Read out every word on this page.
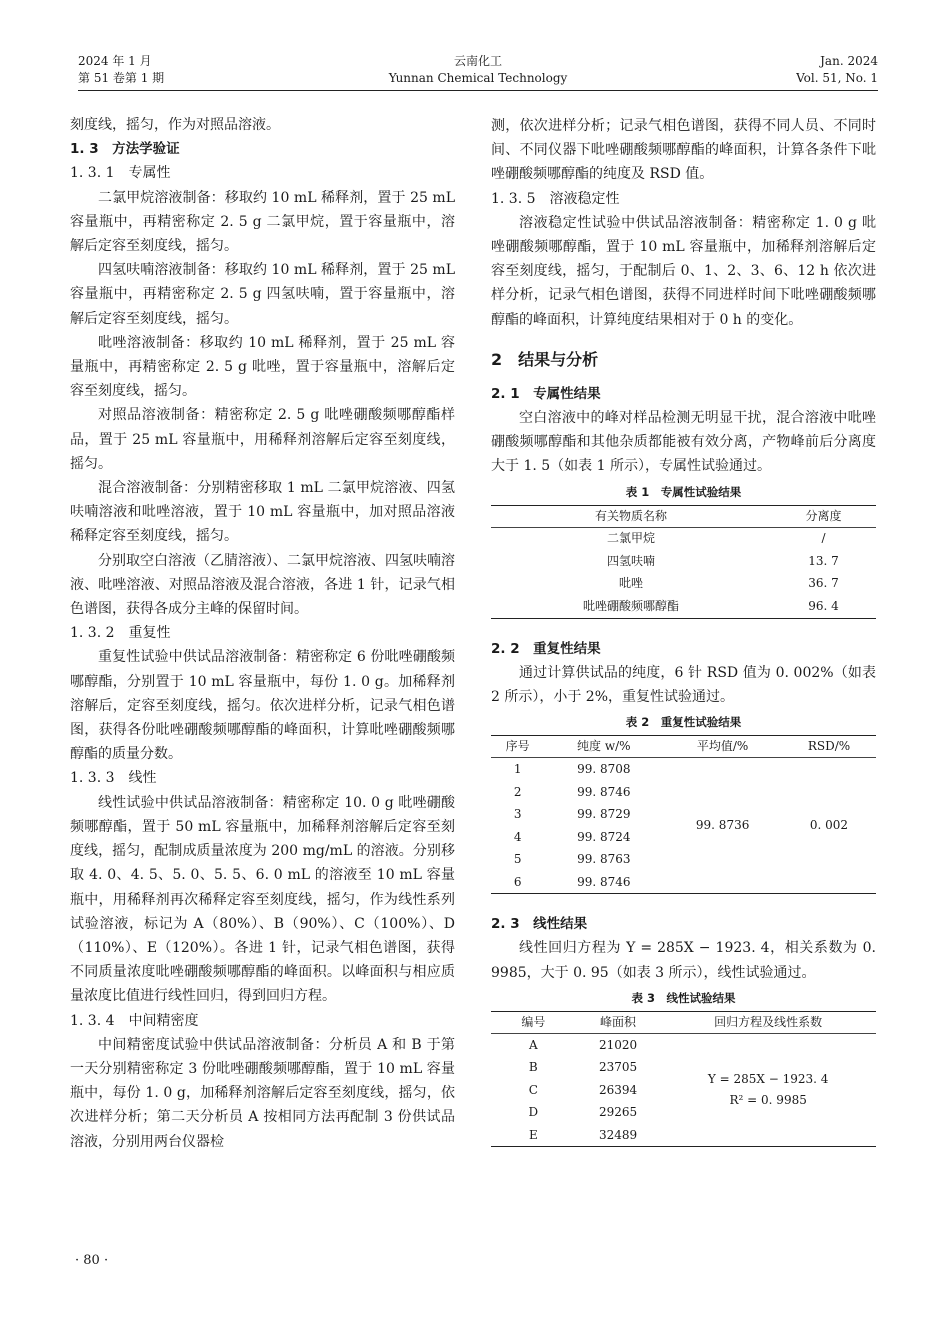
2024 年 1 月
第 51 卷第 1 期
云南化工
Yunnan Chemical Technology
Jan. 2024
Vol. 51, No. 1

刻度线，摇匀，作为对照品溶液。

1. 3　方法学验证

1. 3. 1　专属性

二氯甲烷溶液制备：移取约 10 mL 稀释剂，置于 25 mL 容量瓶中，再精密称定 2. 5 g 二氯甲烷，置于容量瓶中，溶解后定容至刻度线，摇匀。

四氢呋喃溶液制备：移取约 10 mL 稀释剂，置于 25 mL 容量瓶中，再精密称定 2. 5 g 四氢呋喃，置于容量瓶中，溶解后定容至刻度线，摇匀。

吡唑溶液制备：移取约 10 mL 稀释剂，置于 25 mL 容量瓶中，再精密称定 2. 5 g 吡唑，置于容量瓶中，溶解后定容至刻度线，摇匀。

对照品溶液制备：精密称定 2. 5 g 吡唑硼酸频哪醇酯样品，置于 25 mL 容量瓶中，用稀释剂溶解后定容至刻度线，摇匀。

混合溶液制备：分别精密移取 1 mL 二氯甲烷溶液、四氢呋喃溶液和吡唑溶液，置于 10 mL 容量瓶中，加对照品溶液稀释定容至刻度线，摇匀。

分别取空白溶液（乙腈溶液）、二氯甲烷溶液、四氢呋喃溶液、吡唑溶液、对照品溶液及混合溶液，各进 1 针，记录气相色谱图，获得各成分主峰的保留时间。

1. 3. 2　重复性

重复性试验中供试品溶液制备：精密称定 6 份吡唑硼酸频哪醇酯，分别置于 10 mL 容量瓶中，每份 1. 0 g。加稀释剂溶解后，定容至刻度线，摇匀。依次进样分析，记录气相色谱图，获得各份吡唑硼酸频哪醇酯的峰面积，计算吡唑硼酸频哪醇酯的质量分数。

1. 3. 3　线性

线性试验中供试品溶液制备：精密称定 10. 0 g 吡唑硼酸频哪醇酯，置于 50 mL 容量瓶中，加稀释剂溶解后定容至刻度线，摇匀，配制成质量浓度为 200 mg/mL 的溶液。分别移取 4. 0、4. 5、5. 0、5. 5、6. 0 mL 的溶液至 10 mL 容量瓶中，用稀释剂再次稀释定容至刻度线，摇匀，作为线性系列试验溶液，标记为 A（80%）、B（90%）、C（100%）、D（110%）、E（120%）。各进 1 针，记录气相色谱图，获得不同质量浓度吡唑硼酸频哪醇酯的峰面积。以峰面积与相应质量浓度比值进行线性回归，得到回归方程。

1. 3. 4　中间精密度

中间精密度试验中供试品溶液制备：分析员 A 和 B 于第一天分别精密称定 3 份吡唑硼酸频哪醇酯，置于 10 mL 容量瓶中，每份 1. 0 g，加稀释剂溶解后定容至刻度线，摇匀，依次进样分析；第二天分析员 A 按相同方法再配制 3 份供试品溶液，分别用两台仪器检

测，依次进样分析；记录气相色谱图，获得不同人员、不同时间、不同仪器下吡唑硼酸频哪醇酯的峰面积，计算各条件下吡唑硼酸频哪醇酯的纯度及 RSD 值。

1. 3. 5　溶液稳定性

溶液稳定性试验中供试品溶液制备：精密称定 1. 0 g 吡唑硼酸频哪醇酯，置于 10 mL 容量瓶中，加稀释剂溶解后定容至刻度线，摇匀，于配制后 0、1、2、3、6、12 h 依次进样分析，记录气相色谱图，获得不同进样时间下吡唑硼酸频哪醇酯的峰面积，计算纯度结果相对于 0 h 的变化。

2　结果与分析

2. 1　专属性结果

空白溶液中的峰对样品检测无明显干扰，混合溶液中吡唑硼酸频哪醇酯和其他杂质都能被有效分离，产物峰前后分离度大于 1. 5（如表 1 所示），专属性试验通过。

表 1　专属性试验结果
有关物质名称	分离度
二氯甲烷	/
四氢呋喃	13. 7
吡唑	36. 7
吡唑硼酸频哪醇酯	96. 4

2. 2　重复性结果

通过计算供试品的纯度，6 针 RSD 值为 0. 002%（如表 2 所示），小于 2%，重复性试验通过。

表 2　重复性试验结果
序号	纯度 w/%	平均值/%	RSD/%
1	99. 8708	99. 8736	0. 002
2	99. 8746		
3	99. 8729		
4	99. 8724		
5	99. 8763		
6	99. 8746		

2. 3　线性结果

线性回归方程为 Y = 285X − 1923. 4，相关系数为 0. 9985，大于 0. 95（如表 3 所示），线性试验通过。

表 3　线性试验结果
编号	峰面积	回归方程及线性系数
A	21020	Y = 285X − 1923. 4
R² = 0. 9985

B	23705	
C	26394	
D	29265	
E	32489	
· 80 ·
